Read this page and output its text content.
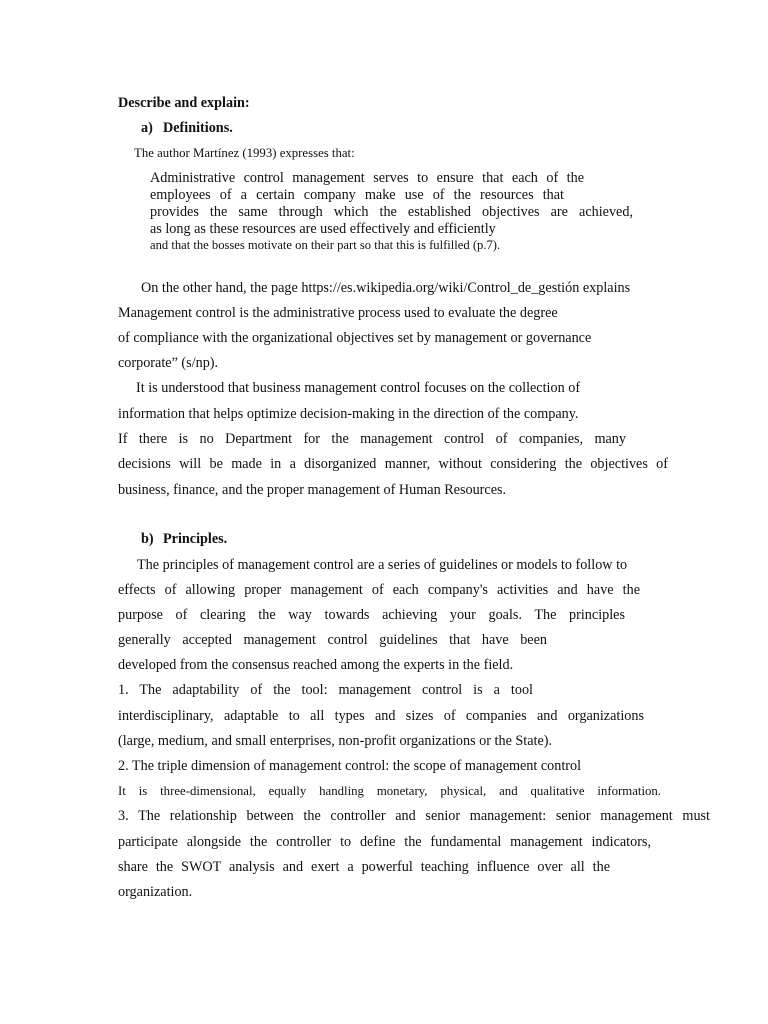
Describe and explain:
a) Definitions.
The author Martínez (1993) expresses that:
Administrative control management serves to ensure that each of the
employees of a certain company make use of the resources that
provides the same through which the established objectives are achieved,
as long as these resources are used effectively and efficiently
and that the bosses motivate on their part so that this is fulfilled (p.7).
On the other hand, the page https://es.wikipedia.org/wiki/Control_de_gestión explains
Management control is the administrative process used to evaluate the degree
of compliance with the organizational objectives set by management or governance
corporate” (s/np).
It is understood that business management control focuses on the collection of
information that helps optimize decision-making in the direction of the company.
If there is no Department for the management control of companies, many
decisions will be made in a disorganized manner, without considering the objectives of
business, finance, and the proper management of Human Resources.
b) Principles.
The principles of management control are a series of guidelines or models to follow to
effects of allowing proper management of each company's activities and have the
purpose of clearing the way towards achieving your goals. The principles
generally accepted management control guidelines that have been
developed from the consensus reached among the experts in the field.
1. The adaptability of the tool: management control is a tool
interdisciplinary, adaptable to all types and sizes of companies and organizations
(large, medium, and small enterprises, non-profit organizations or the State).
2. The triple dimension of management control: the scope of management control
It is three-dimensional, equally handling monetary, physical, and qualitative information.
3. The relationship between the controller and senior management: senior management must
participate alongside the controller to define the fundamental management indicators,
share the SWOT analysis and exert a powerful teaching influence over all the
organization.
